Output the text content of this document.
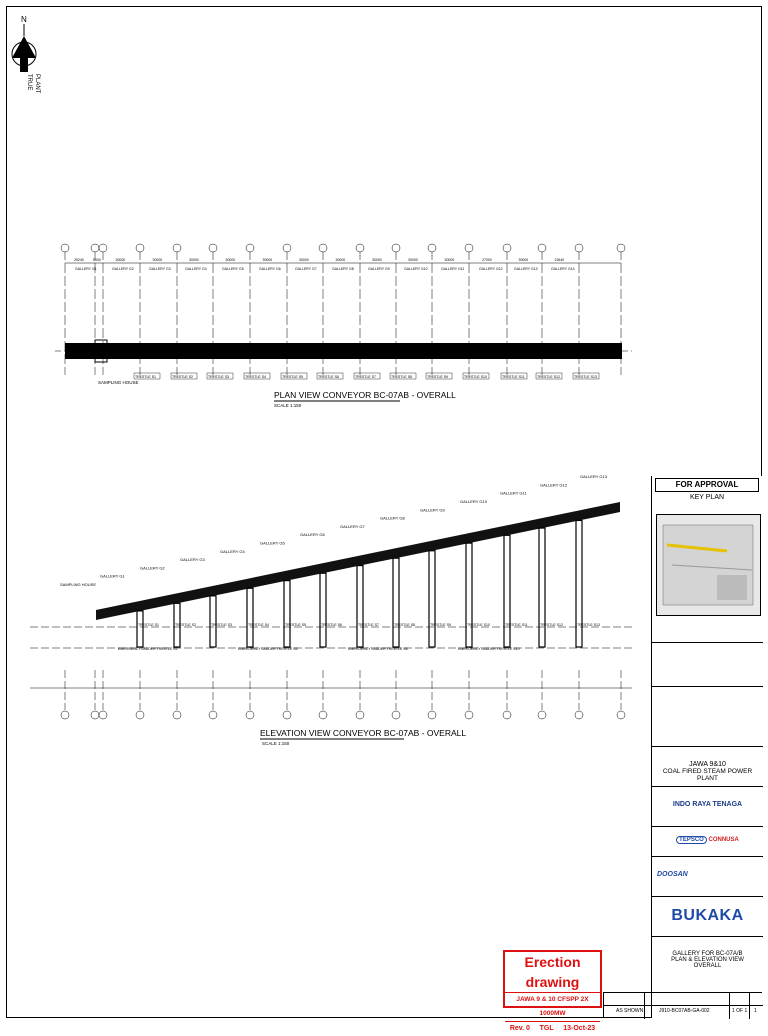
N
PLANT
TRUE
SAMPLING HOUSE
PLAN VIEW CONVEYOR BC-07AB - OVERALL
SCALE 1:150
25240	5000	30000	30000	30000	30000	30000	30000	30000	30000	30000	30000	27000	30000	22640
GALLERY G1	GALLERY G2	GALLERY G3	GALLERY G4	GALLERY G5	GALLERY G6	GALLERY G7	GALLERY G8	GALLERY G9	GALLERY G10	GALLERY G11	GALLERY G12	GALLERY G13	GALLERY G14
TRESTLE S1	TRESTLE S2	TRESTLE S3	TRESTLE S4	TRESTLE S5	TRESTLE S6	TRESTLE S7	TRESTLE S8	TRESTLE S9	TRESTLE S10	TRESTLE S11	TRESTLE S12	TRESTLE S13
SAMPLING HOUSE
GALLERY G1
GALLERY G2
GALLERY G3
GALLERY G4
GALLERY G5
GALLERY G6
GALLERY G7
GALLERY G8
GALLERY G9
GALLERY G10
GALLERY G11
GALLERY G12
GALLERY G13
TRESTLE S1	TRESTLE S2	TRESTLE S3	TRESTLE S4	TRESTLE S5	TRESTLE S6	TRESTLE S7	TRESTLE S8	TRESTLE S9	TRESTLE S10	TRESTLE S11	TRESTLE S12	TRESTLE S13
EMERGENCY LADDER TRESTLE S2	EMERGENCY LADDER TRESTLE S5	EMERGENCY LADDER TRESTLE S8	EMERGENCY LADDER TRESTLE S10
ELEVATION VIEW CONVEYOR BC-07AB - OVERALL
SCALE 1:150
FOR APPROVAL
KEY PLAN
JAWA 9&10
COAL FIRED STEAM POWER PLANT
INDO RAYA TENAGA
TEPSCO CONNUSA
DOOSAN
BUKAKA
GALLERY FOR BC-07A/B
PLAN & ELEVATION VIEW
OVERALL
AS SHOWN	J910-BC07AB-GA-002	1 OF 1 1
Erection drawing
JAWA 9 & 10 CFSPP 2X 1000MW
Rev. 0 TGL 13-Oct-23
